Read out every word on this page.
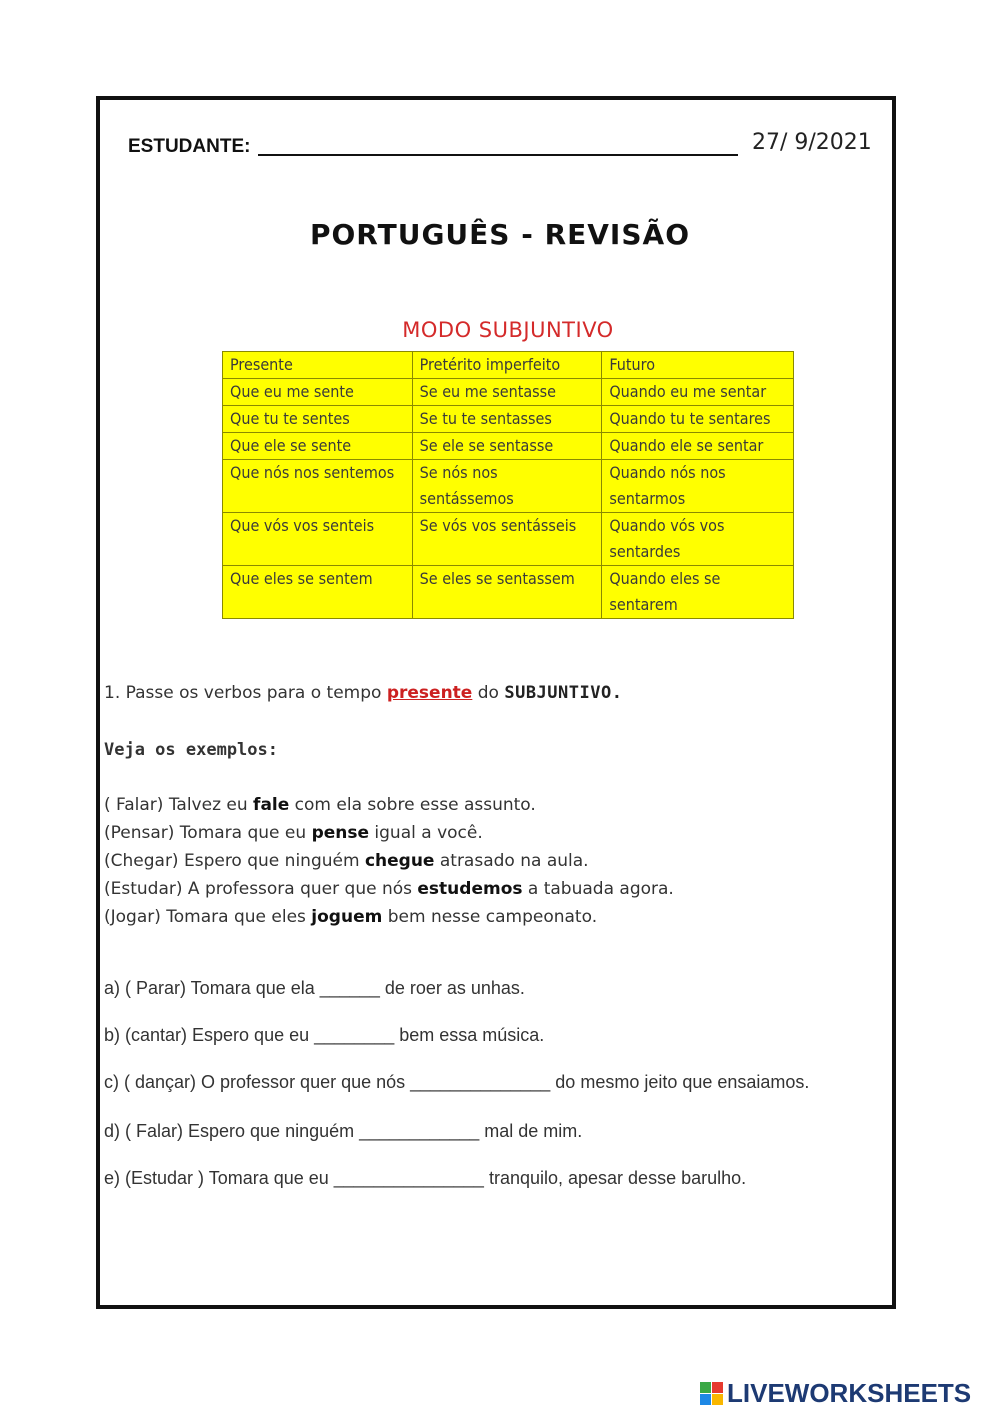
ESTUDANTE:	27/ 9/2021
PORTUGUÊS - REVISÃO
MODO SUBJUNTIVO
Presente	Pretérito imperfeito	Futuro
Que eu me sente	Se eu me sentasse	Quando eu me sentar
Que tu te sentes	Se tu te sentasses	Quando tu te sentares
Que ele se sente	Se ele se sentasse	Quando ele se sentar
Que nós nos sentemos	Se nós nos sentássemos	Quando nós nos sentarmos
Que vós vos senteis	Se vós vos sentásseis	Quando vós vos sentardes
Que eles se sentem	Se eles se sentassem	Quando eles se sentarem
1. Passe os verbos para o tempo presente do SUBJUNTIVO.
Veja os exemplos:
( Falar) Talvez eu fale com ela sobre esse assunto.
(Pensar) Tomara que eu pense igual a você.
(Chegar) Espero que ninguém chegue atrasado na aula.
(Estudar) A professora quer que nós estudemos a tabuada agora.
(Jogar) Tomara que eles joguem bem nesse campeonato.
a) ( Parar) Tomara que ela ______ de roer as unhas.
b) (cantar) Espero que eu ________ bem essa música.
c) ( dançar) O professor quer que nós ______________ do mesmo jeito que ensaiamos.
d) ( Falar) Espero que ninguém ____________ mal de mim.
e) (Estudar ) Tomara que eu _______________ tranquilo, apesar desse barulho.
LIVEWORKSHEETS
